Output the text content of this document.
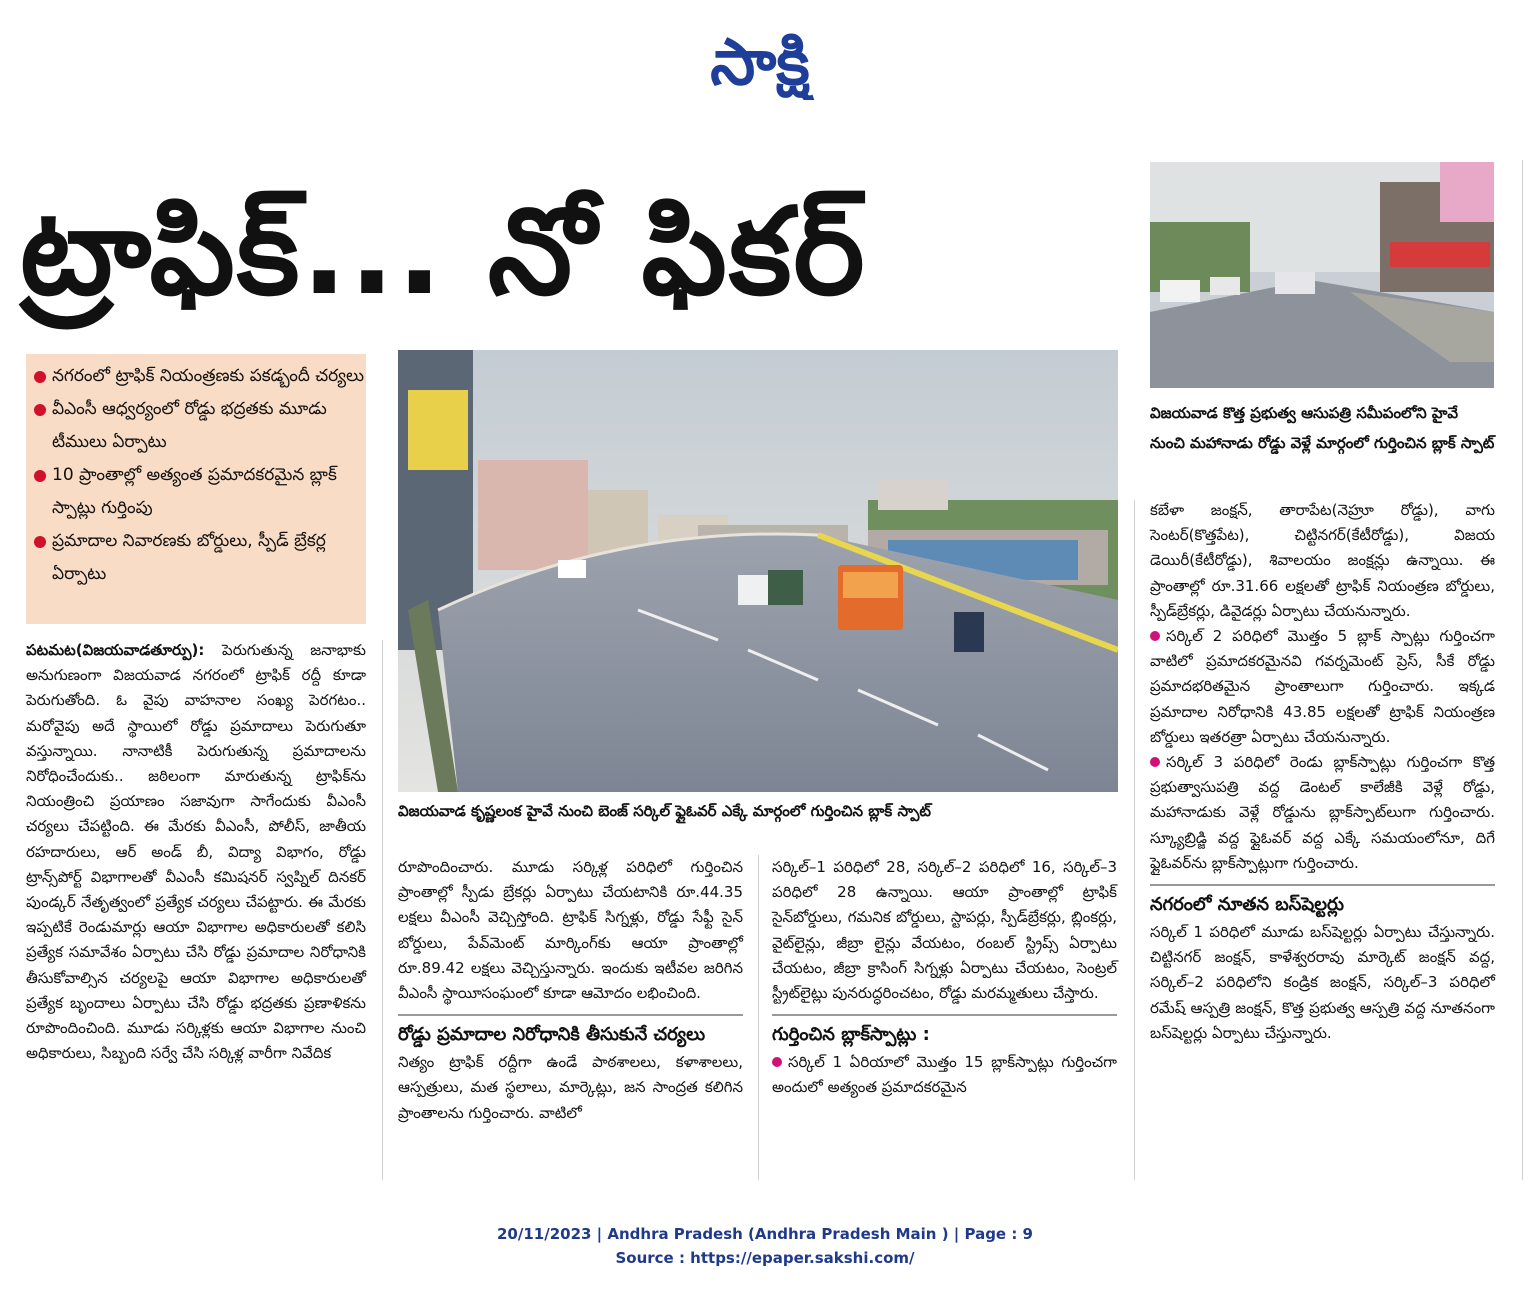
సాక్షి
ట్రాఫిక్... నో ఫికర్
నగరంలో ట్రాఫిక్ నియంత్రణకు పకడ్బందీ చర్యలు
వీఎంసీ ఆధ్వర్యంలో రోడ్డు భద్రతకు మూడు టీములు ఏర్పాటు
10 ప్రాంతాల్లో అత్యంత ప్రమాదకరమైన బ్లాక్ స్పాట్లు గుర్తింపు
ప్రమాదాల నివారణకు బోర్డులు, స్పీడ్ బ్రేకర్ల ఏర్పాటు
పటమట(విజయవాడతూర్పు): పెరుగుతున్న జనాభాకు అనుగుణంగా విజయవాడ నగరంలో ట్రాఫిక్ రద్దీ కూడా పెరుగుతోంది. ఓ వైపు వాహనాల సంఖ్య పెరగటం.. మరోవైపు అదే స్థాయిలో రోడ్డు ప్రమాదాలు పెరుగుతూ వస్తున్నాయి. నానాటికీ పెరుగుతున్న ప్రమాదాలను నిరోధించేందుకు.. జఠిలంగా మారుతున్న ట్రాఫిక్‌ను నియంత్రించి ప్రయాణం సజావుగా సాగేందుకు వీఎంసీ చర్యలు చేపట్టింది. ఈ మేరకు వీఎంసీ, పోలీస్, జాతీయ రహదారులు, ఆర్ అండ్ బీ, విద్యా విభాగం, రోడ్డు ట్రాన్స్‌పోర్ట్ విభాగాలతో వీఎంసీ కమిషనర్ స్వప్నిల్ దినకర్ పుండ్కర్ నేతృత్వంలో ప్రత్యేక చర్యలు చేపట్టారు. ఈ మేరకు ఇప్పటికే రెండుమార్లు ఆయా విభాగాల అధికారులతో కలిసి ప్రత్యేక సమావేశం ఏర్పాటు చేసి రోడ్డు ప్రమాదాల నిరోధానికి తీసుకోవాల్సిన చర్యలపై ఆయా విభాగాల అధికారులతో ప్రత్యేక బృందాలు ఏర్పాటు చేసి రోడ్డు భద్రతకు ప్రణాళికను రూపొందించింది. మూడు సర్కిళ్లకు ఆయా విభాగాల నుంచి అధికారులు, సిబ్బంది సర్వే చేసి సర్కిళ్ల వారీగా నివేదిక
విజయవాడ కృష్ణలంక హైవే నుంచి బెంజ్ సర్కిల్ ఫ్లైఓవర్ ఎక్కే మార్గంలో గుర్తించిన బ్లాక్ స్పాట్
రూపొందించారు. మూడు సర్కిళ్ల పరిధిలో గుర్తించిన ప్రాంతాల్లో స్పీడు బ్రేకర్లు ఏర్పాటు చేయటానికి రూ.44.35 లక్షలు వీఎంసీ వెచ్చిస్తోంది. ట్రాఫిక్ సిగ్నళ్లు, రోడ్డు సేఫ్టీ సైన్ బోర్డులు, పేవ్‌మెంట్ మార్కింగ్‌కు ఆయా ప్రాంతాల్లో రూ.89.42 లక్షలు వెచ్చిస్తున్నారు. ఇందుకు ఇటీవల జరిగిన వీఎంసీ స్థాయీసంఘంలో కూడా ఆమోదం లభించింది.
రోడ్డు ప్రమాదాల నిరోధానికి తీసుకునే చర్యలు
నిత్యం ట్రాఫిక్ రద్దీగా ఉండే పాఠశాలలు, కళాశాలలు, ఆస్పత్రులు, మత స్థలాలు, మార్కెట్లు, జన సాంద్రత కలిగిన ప్రాంతాలను గుర్తించారు. వాటిలో
సర్కిల్–1 పరిధిలో 28, సర్కిల్–2 పరిధిలో 16, సర్కిల్–3 పరిధిలో 28 ఉన్నాయి. ఆయా ప్రాంతాల్లో ట్రాఫిక్ సైన్‌బోర్డులు, గమనిక బోర్డులు, స్టాపర్లు, స్పీడ్‌బ్రేకర్లు, బ్లింకర్లు, వైట్‌లైన్లు, జీబ్రా లైన్లు వేయటం, రంబల్ స్ట్రిప్స్ ఏర్పాటు చేయటం, జీబ్రా క్రాసింగ్ సిగ్నళ్లు ఏర్పాటు చేయటం, సెంట్రల్ స్ట్రీట్‌లైట్లు పునరుద్ధరించటం, రోడ్డు మరమ్మతులు చేస్తారు.
గుర్తించిన బ్లాక్‌స్పాట్లు :
సర్కిల్ 1 ఏరియాలో మొత్తం 15 బ్లాక్‌స్పాట్లు గుర్తించగా అందులో అత్యంత ప్రమాదకరమైన
విజయవాడ కొత్త ప్రభుత్వ ఆసుపత్రి సమీపంలోని హైవే నుంచి మహానాడు రోడ్డు వెళ్లే మార్గంలో గుర్తించిన బ్లాక్ స్పాట్
కబేళా జంక్షన్, తారాపేట(నెహ్రూ రోడ్డు), వాగు సెంటర్(కొత్తపేట), చిట్టినగర్(కేటీరోడ్డు), విజయ డెయిరీ(కేటీరోడ్డు), శివాలయం జంక్షన్లు ఉన్నాయి. ఈ ప్రాంతాల్లో రూ.31.66 లక్షలతో ట్రాఫిక్ నియంత్రణ బోర్డులు, స్పీడ్‌బ్రేకర్లు, డివైడర్లు ఏర్పాటు చేయనున్నారు.
సర్కిల్ 2 పరిధిలో మొత్తం 5 బ్లాక్ స్పాట్లు గుర్తించగా వాటిలో ప్రమాదకరమైనవి గవర్నమెంట్ ప్రెస్, సీకే రోడ్డు ప్రమాదభరితమైన ప్రాంతాలుగా గుర్తించారు. ఇక్కడ ప్రమాదాల నిరోధానికి 43.85 లక్షలతో ట్రాఫిక్ నియంత్రణ బోర్డులు ఇతరత్రా ఏర్పాటు చేయనున్నారు.
సర్కిల్ 3 పరిధిలో రెండు బ్లాక్‌స్పాట్లు గుర్తించగా కొత్త ప్రభుత్వాసుపత్రి వద్ద డెంటల్ కాలేజీకి వెళ్లే రోడ్డు, మహానాడుకు వెళ్లే రోడ్డును బ్లాక్‌స్పాట్‌లుగా గుర్తించారు. స్క్యూబ్రిడ్జి వద్ద ఫ్లైఓవర్ వద్ద ఎక్కే సమయంలోనూ, దిగే ఫ్లైఓవర్‌ను బ్లాక్‌స్పాట్లుగా గుర్తించారు.
నగరంలో నూతన బస్‌షెల్టర్లు
సర్కిల్ 1 పరిధిలో మూడు బస్‌షెల్టర్లు ఏర్పాటు చేస్తున్నారు. చిట్టినగర్ జంక్షన్, కాళేశ్వరరావు మార్కెట్ జంక్షన్ వద్ద, సర్కిల్–2 పరిధిలోని కండ్రిక జంక్షన్, సర్కిల్–3 పరిధిలో రమేష్ ఆస్పత్రి జంక్షన్, కొత్త ప్రభుత్వ ఆస్పత్రి వద్ద నూతనంగా బస్‌షెల్టర్లు ఏర్పాటు చేస్తున్నారు.
20/11/2023 | Andhra Pradesh (Andhra Pradesh Main ) | Page : 9
Source : https://epaper.sakshi.com/
